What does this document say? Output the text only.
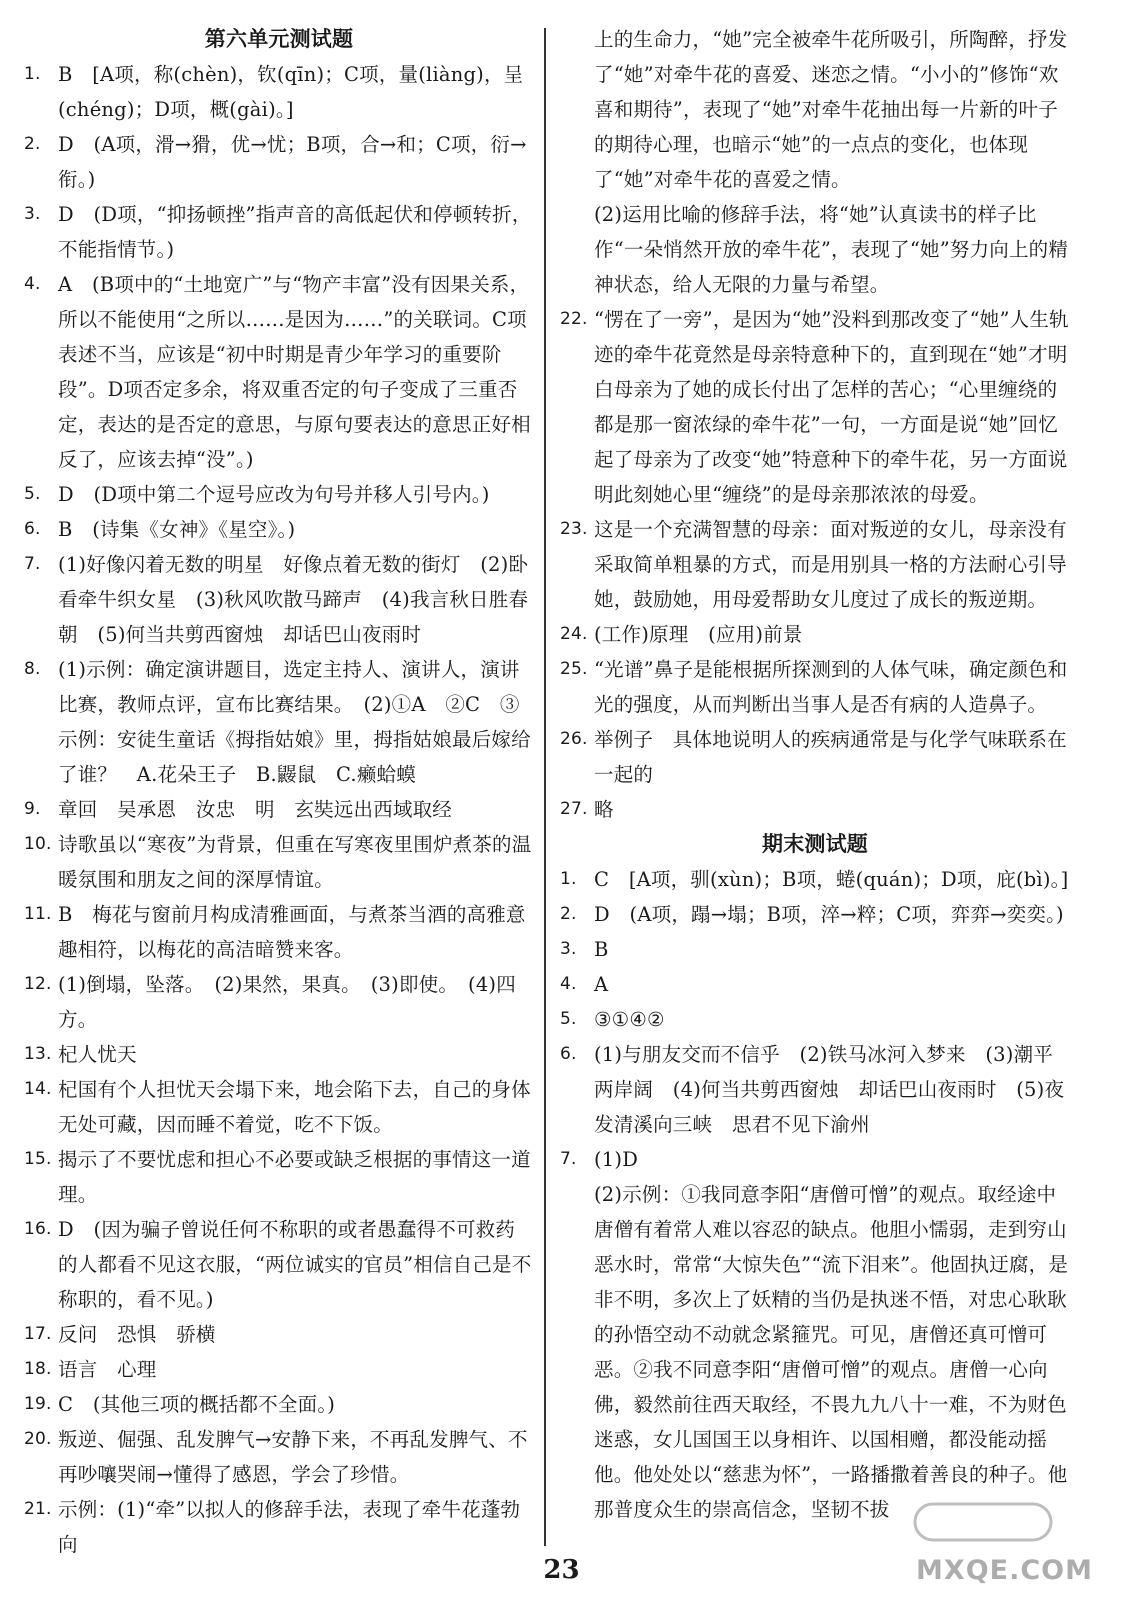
第六单元测试题
1. B　[A项，称(chèn)，钦(qīn)；C项，量(liàng)，呈(chéng)；D项，概(gài)。]
2. D　(A项，滑→猾，优→忧；B项，合→和；C项，衍→衔。)
3. D　(D项，“抑扬顿挫”指声音的高低起伏和停顿转折，不能指情节。)
4. A　(B项中的“土地宽广”与“物产丰富”没有因果关系，所以不能使用“之所以……是因为……”的关联词。C项表述不当，应该是“初中时期是青少年学习的重要阶段”。D项否定多余，将双重否定的句子变成了三重否定，表达的是否定的意思，与原句要表达的意思正好相反了，应该去掉“没”。)
5. D　(D项中第二个逗号应改为句号并移人引号内。)
6. B　(诗集《女神》《星空》。)
7. (1)好像闪着无数的明星　好像点着无数的街灯　(2)卧看牵牛织女星　(3)秋风吹散马蹄声　(4)我言秋日胜春朝　(5)何当共剪西窗烛　却话巴山夜雨时
8. (1)示例：确定演讲题目，选定主持人、演讲人，演讲比赛，教师点评，宣布比赛结果。　(2)①A　②C　③示例：安徒生童话《拇指姑娘》里，拇指姑娘最后嫁给了谁？　A.花朵王子　B.鼹鼠　C.癞蛤蟆
9. 章回　吴承恩　汝忠　明　玄奘远出西域取经
10. 诗歌虽以“寒夜”为背景，但重在写寒夜里围炉煮茶的温暖氛围和朋友之间的深厚情谊。
11. B　梅花与窗前月构成清雅画面，与煮茶当酒的高雅意趣相符，以梅花的高洁暗赞来客。
12. (1)倒塌，坠落。　(2)果然，果真。　(3)即使。　(4)四方。
13. 杞人忧天
14. 杞国有个人担忧天会塌下来，地会陷下去，自己的身体无处可藏，因而睡不着觉，吃不下饭。
15. 揭示了不要忧虑和担心不必要或缺乏根据的事情这一道理。
16. D　(因为骗子曾说任何不称职的或者愚蠢得不可救药的人都看不见这衣服，“两位诚实的官员”相信自己是不称职的，看不见。)
17. 反问　恐惧　骄横
18. 语言　心理
19. C　(其他三项的概括都不全面。)
20. 叛逆、倔强、乱发脾气→安静下来，不再乱发脾气、不再吵嚷哭闹→懂得了感恩，学会了珍惜。
21. 示例：(1)“牵”以拟人的修辞手法，表现了牵牛花蓬勃向
上的生命力，“她”完全被牵牛花所吸引，所陶醉，抒发了“她”对牵牛花的喜爱、迷恋之情。“小小的”修饰“欢喜和期待”，表现了“她”对牵牛花抽出每一片新的叶子的期待心理，也暗示“她”的一点点的变化，也体现了“她”对牵牛花的喜爱之情。
(2)运用比喻的修辞手法，将“她”认真读书的样子比作“一朵悄然开放的牵牛花”，表现了“她”努力向上的精神状态，给人无限的力量与希望。
22. “愣在了一旁”，是因为“她”没料到那改变了“她”人生轨迹的牵牛花竟然是母亲特意种下的，直到现在“她”才明白母亲为了她的成长付出了怎样的苦心；“心里缠绕的都是那一窗浓绿的牵牛花”一句，一方面是说“她”回忆起了母亲为了改变“她”特意种下的牵牛花，另一方面说明此刻她心里“缠绕”的是母亲那浓浓的母爱。
23. 这是一个充满智慧的母亲：面对叛逆的女儿，母亲没有采取简单粗暴的方式，而是用别具一格的方法耐心引导她，鼓励她，用母爱帮助女儿度过了成长的叛逆期。
24. (工作)原理　(应用)前景
25. “光谱”鼻子是能根据所探测到的人体气味，确定颜色和光的强度，从而判断出当事人是否有病的人造鼻子。
26. 举例子　具体地说明人的疾病通常是与化学气味联系在一起的
27. 略
期末测试题
1. C　[A项，驯(xùn)；B项，蜷(quán)；D项，庇(bì)。]
2. D　(A项，蹋→塌；B项，淬→粹；C项，弈弈→奕奕。)
3. B
4. A
5. ③①④②
6. (1)与朋友交而不信乎　(2)铁马冰河入梦来　(3)潮平两岸阔　(4)何当共剪西窗烛　却话巴山夜雨时　(5)夜发清溪向三峡　思君不见下渝州
7. (1)D
(2)示例：①我同意李阳“唐僧可憎”的观点。取经途中唐僧有着常人难以容忍的缺点。他胆小懦弱，走到穷山恶水时，常常“大惊失色”“流下泪来”。他固执迂腐，是非不明，多次上了妖精的当仍是执迷不悟，对忠心耿耿的孙悟空动不动就念紧箍咒。可见，唐僧还真可憎可恶。②我不同意李阳“唐僧可憎”的观点。唐僧一心向佛，毅然前往西天取经，不畏九九八十一难，不为财色迷惑，女儿国国王以身相许、以国相赠，都没能动摇他。他处处以“慈悲为怀”，一路播撒着善良的种子。他那普度众生的崇高信念，坚韧不拔
23	MXQE.COM
